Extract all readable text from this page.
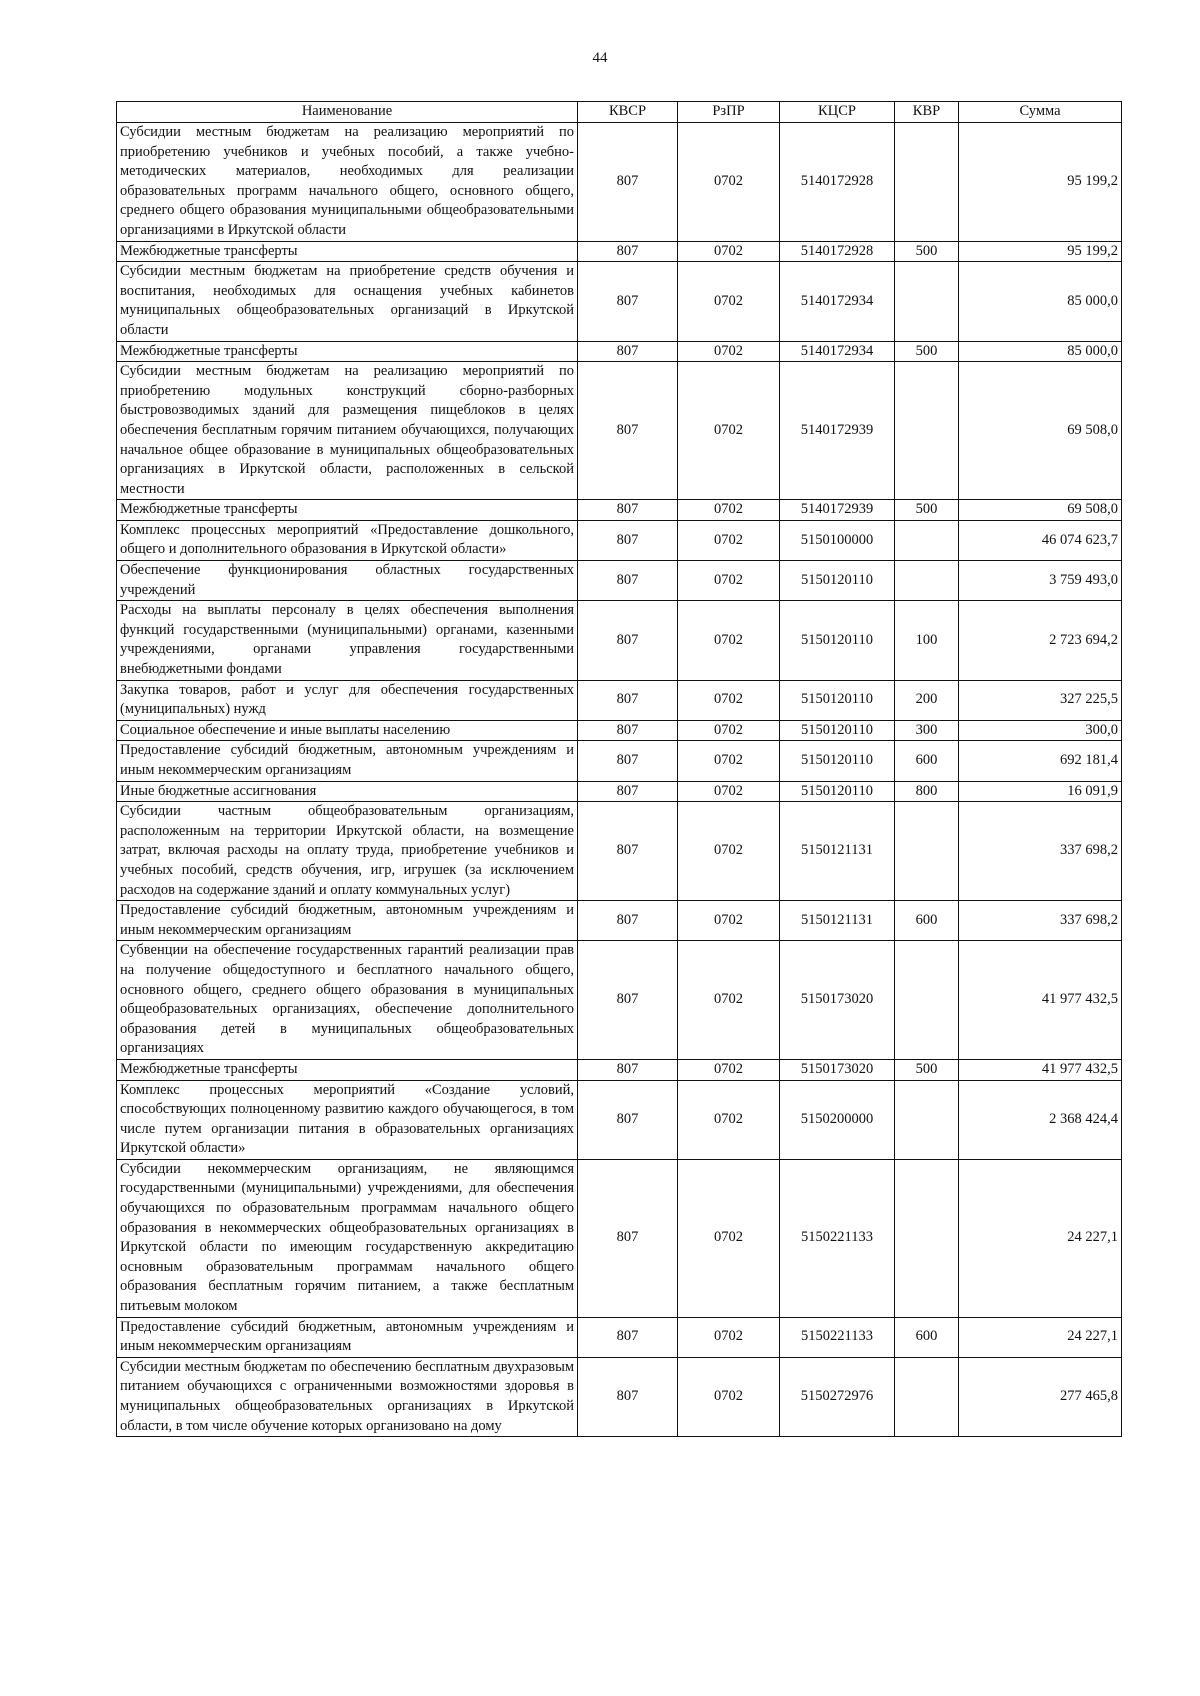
44
Наименование	КВСР	РзПР	КЦСР	КВР	Сумма
Субсидии местным бюджетам на реализацию мероприятий по приобретению учебников и учебных пособий, а также учебно-методических материалов, необходимых для реализации образовательных программ начального общего, основного общего, среднего общего образования муниципальными общеобразовательными организациями в Иркутской области	807	0702	5140172928		95 199,2
Межбюджетные трансферты	807	0702	5140172928	500	95 199,2
Субсидии местным бюджетам на приобретение средств обучения и воспитания, необходимых для оснащения учебных кабинетов муниципальных общеобразовательных организаций в Иркутской области	807	0702	5140172934		85 000,0
Межбюджетные трансферты	807	0702	5140172934	500	85 000,0
Субсидии местным бюджетам на реализацию мероприятий по приобретению модульных конструкций сборно-разборных быстровозводимых зданий для размещения пищеблоков в целях обеспечения бесплатным горячим питанием обучающихся, получающих начальное общее образование в муниципальных общеобразовательных организациях в Иркутской области, расположенных в сельской местности	807	0702	5140172939		69 508,0
Межбюджетные трансферты	807	0702	5140172939	500	69 508,0
Комплекс процессных мероприятий «Предоставление дошкольного, общего и дополнительного образования в Иркутской области»	807	0702	5150100000		46 074 623,7
Обеспечение функционирования областных государственных учреждений	807	0702	5150120110		3 759 493,0
Расходы на выплаты персоналу в целях обеспечения выполнения функций государственными (муниципальными) органами, казенными учреждениями, органами управления государственными внебюджетными фондами	807	0702	5150120110	100	2 723 694,2
Закупка товаров, работ и услуг для обеспечения государственных (муниципальных) нужд	807	0702	5150120110	200	327 225,5
Социальное обеспечение и иные выплаты населению	807	0702	5150120110	300	300,0
Предоставление субсидий бюджетным, автономным учреждениям и иным некоммерческим организациям	807	0702	5150120110	600	692 181,4
Иные бюджетные ассигнования	807	0702	5150120110	800	16 091,9
Субсидии частным общеобразовательным организациям, расположенным на территории Иркутской области, на возмещение затрат, включая расходы на оплату труда, приобретение учебников и учебных пособий, средств обучения, игр, игрушек (за исключением расходов на содержание зданий и оплату коммунальных услуг)	807	0702	5150121131		337 698,2
Предоставление субсидий бюджетным, автономным учреждениям и иным некоммерческим организациям	807	0702	5150121131	600	337 698,2
Субвенции на обеспечение государственных гарантий реализации прав на получение общедоступного и бесплатного начального общего, основного общего, среднего общего образования в муниципальных общеобразовательных организациях, обеспечение дополнительного образования детей в муниципальных общеобразовательных организациях	807	0702	5150173020		41 977 432,5
Межбюджетные трансферты	807	0702	5150173020	500	41 977 432,5
Комплекс процессных мероприятий «Создание условий, способствующих полноценному развитию каждого обучающегося, в том числе путем организации питания в образовательных организациях Иркутской области»	807	0702	5150200000		2 368 424,4
Субсидии некоммерческим организациям, не являющимся государственными (муниципальными) учреждениями, для обеспечения обучающихся по образовательным программам начального общего образования в некоммерческих общеобразовательных организациях в Иркутской области по имеющим государственную аккредитацию основным образовательным программам начального общего образования бесплатным горячим питанием, а также бесплатным питьевым молоком	807	0702	5150221133		24 227,1
Предоставление субсидий бюджетным, автономным учреждениям и иным некоммерческим организациям	807	0702	5150221133	600	24 227,1
Субсидии местным бюджетам по обеспечению бесплатным двухразовым питанием обучающихся с ограниченными возможностями здоровья в муниципальных общеобразовательных организациях в Иркутской области, в том числе обучение которых организовано на дому	807	0702	5150272976		277 465,8
